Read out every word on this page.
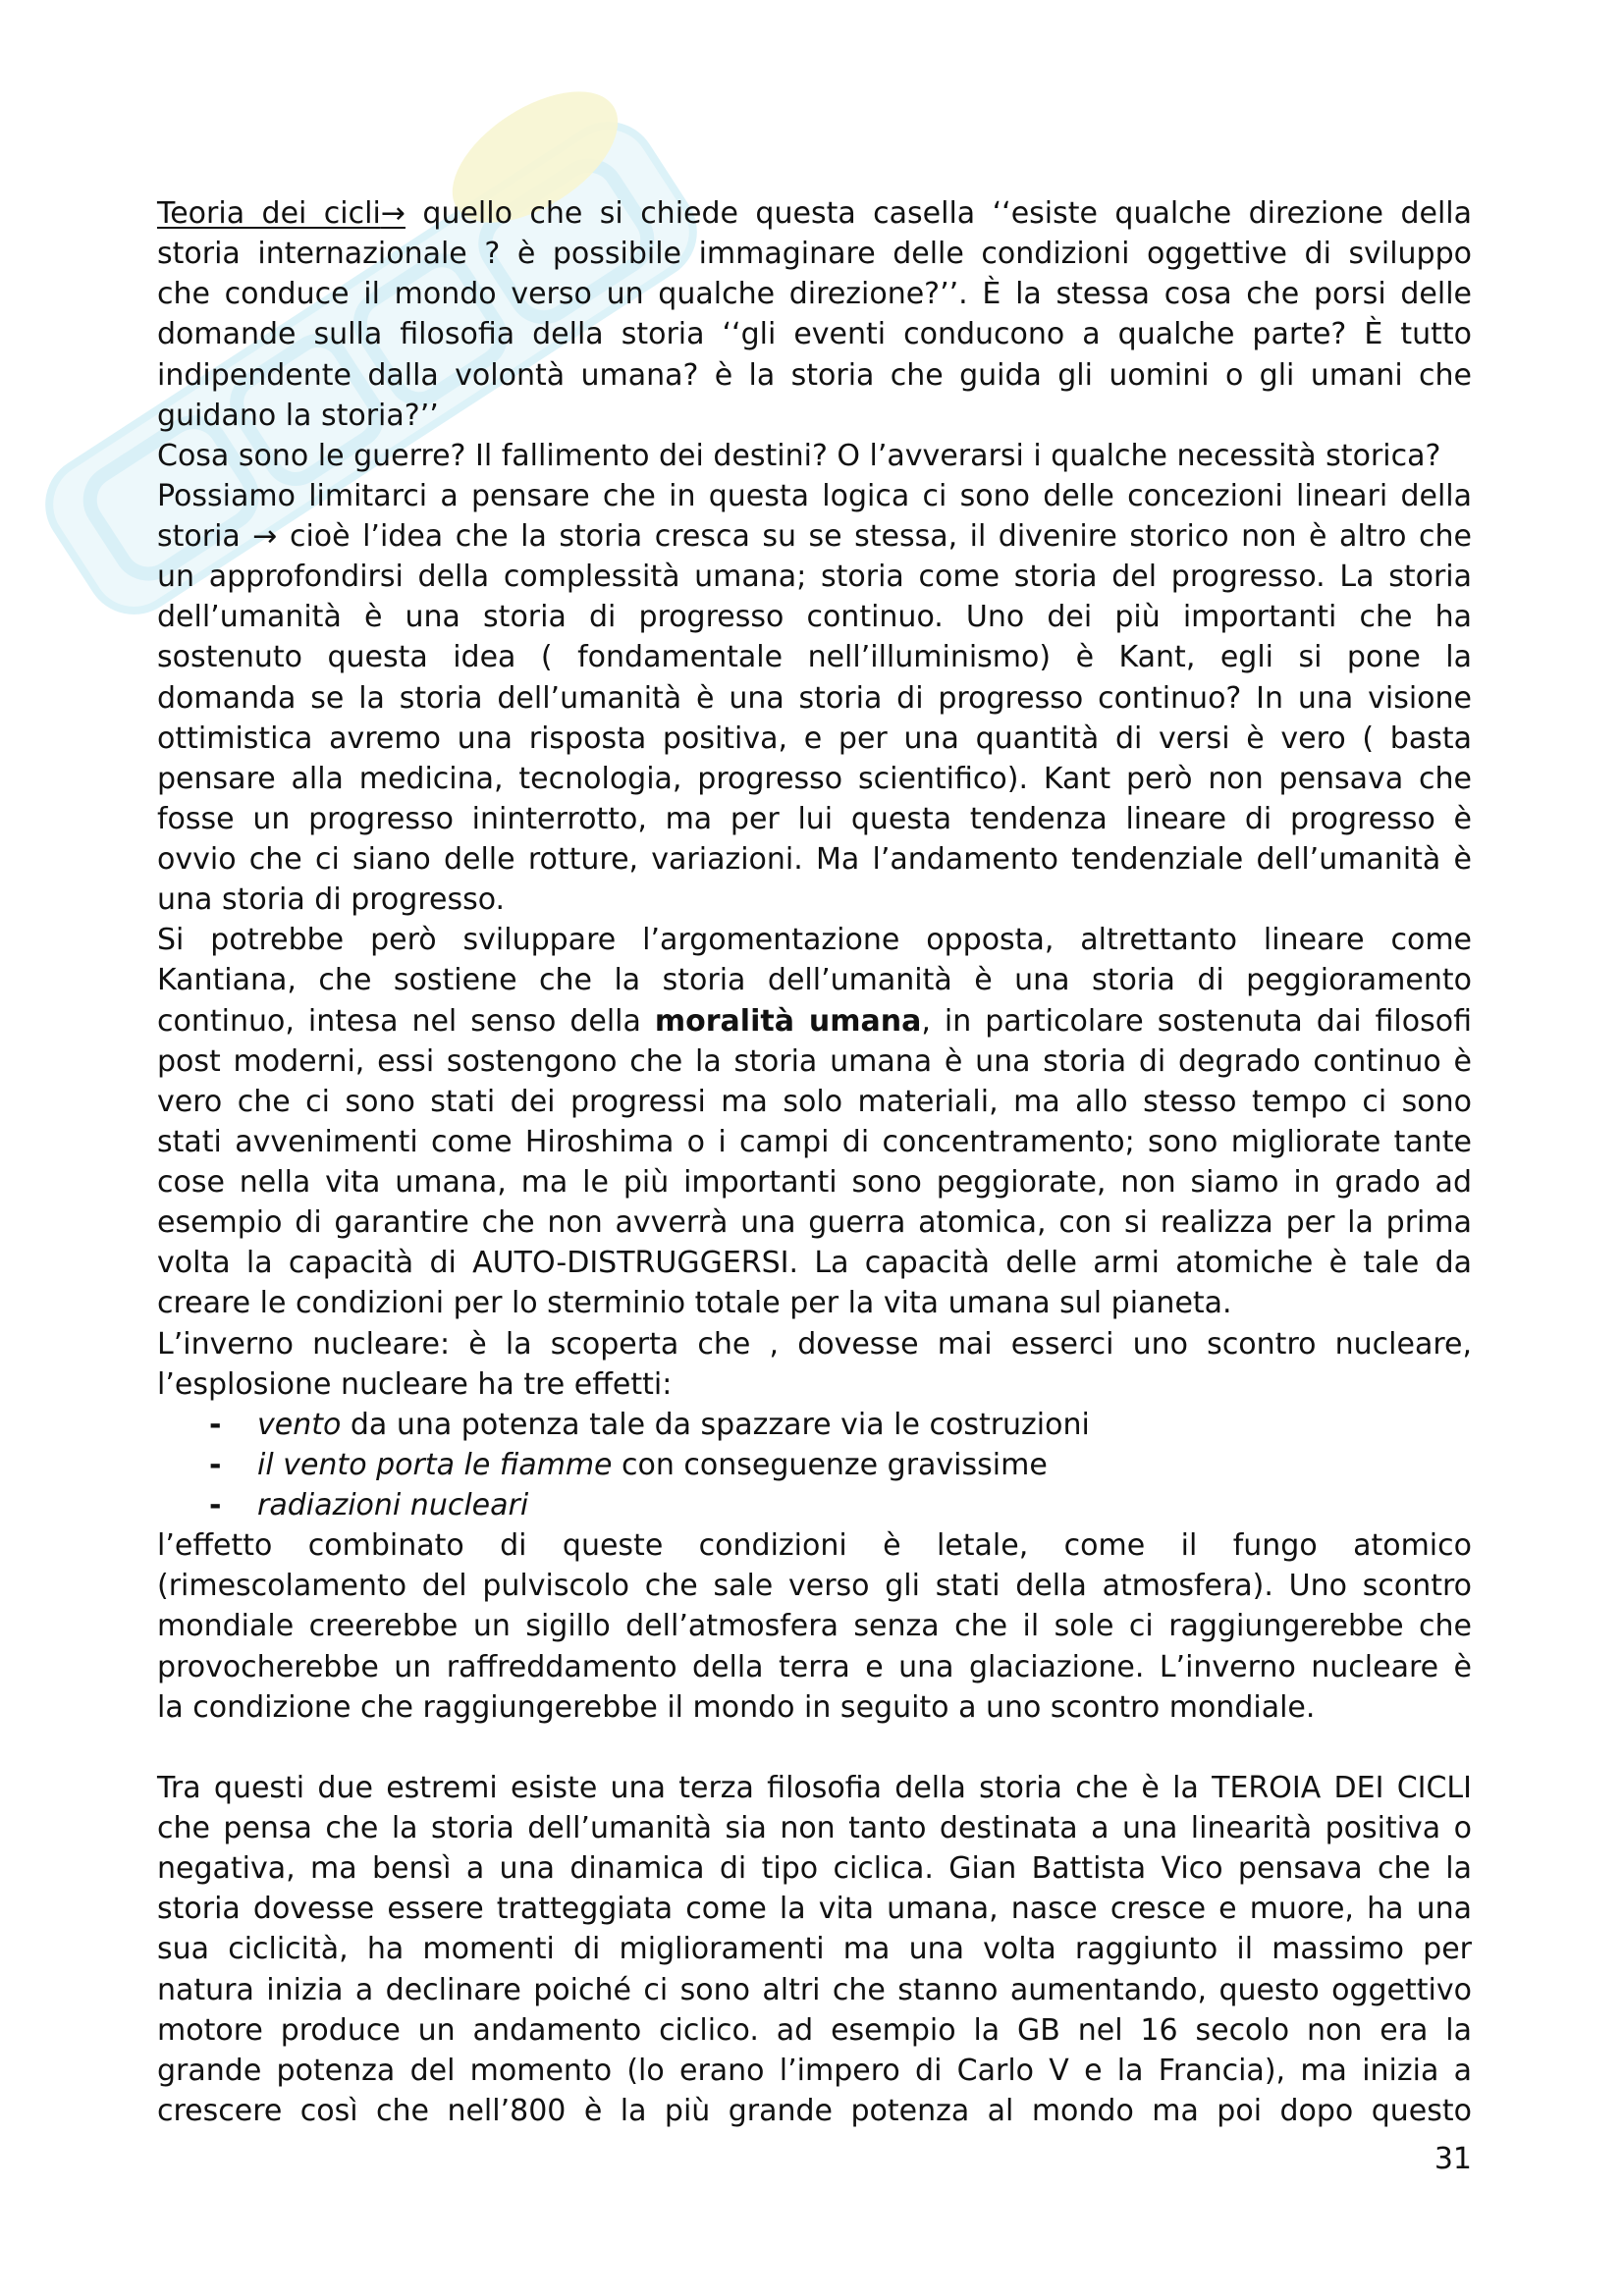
Teoria dei cicli→ quello che si chiede questa casella ‘‘esiste qualche direzione della
storia internazionale ? è possibile immaginare delle condizioni oggettive di sviluppo
che conduce il mondo verso un qualche direzione?’’. È la stessa cosa che porsi delle
domande sulla filosofia della storia ‘‘gli eventi conducono a qualche parte? È tutto
indipendente dalla volontà umana? è la storia che guida gli uomini o gli umani che
guidano la storia?’’
Cosa sono le guerre? Il fallimento dei destini? O l’avverarsi i qualche necessità storica?
Possiamo limitarci a pensare che in questa logica ci sono delle concezioni lineari della
storia → cioè l’idea che la storia cresca su se stessa, il divenire storico non è altro che
un approfondirsi della complessità umana; storia come storia del progresso. La storia
dell’umanità è una storia di progresso continuo. Uno dei più importanti che ha
sostenuto questa idea ( fondamentale nell’illuminismo) è Kant, egli si pone la
domanda se la storia dell’umanità è una storia di progresso continuo? In una visione
ottimistica avremo una risposta positiva, e per una quantità di versi è vero ( basta
pensare alla medicina, tecnologia, progresso scientifico). Kant però non pensava che
fosse un progresso ininterrotto, ma per lui questa tendenza lineare di progresso è
ovvio che ci siano delle rotture, variazioni. Ma l’andamento tendenziale dell’umanità è
una storia di progresso.
Si potrebbe però sviluppare l’argomentazione opposta, altrettanto lineare come
Kantiana, che sostiene che la storia dell’umanità è una storia di peggioramento
continuo, intesa nel senso della moralità umana, in particolare sostenuta dai filosofi
post moderni, essi sostengono che la storia umana è una storia di degrado continuo è
vero che ci sono stati dei progressi ma solo materiali, ma allo stesso tempo ci sono
stati avvenimenti come Hiroshima o i campi di concentramento; sono migliorate tante
cose nella vita umana, ma le più importanti sono peggiorate, non siamo in grado ad
esempio di garantire che non avverrà una guerra atomica, con si realizza per la prima
volta la capacità di AUTO-DISTRUGGERSI. La capacità delle armi atomiche è tale da
creare le condizioni per lo sterminio totale per la vita umana sul pianeta.
L’inverno nucleare: è la scoperta che , dovesse mai esserci uno scontro nucleare,
l’esplosione nucleare ha tre effetti:
- vento da una potenza tale da spazzare via le costruzioni
- il vento porta le fiamme con conseguenze gravissime
- radiazioni nucleari
l’effetto combinato di queste condizioni è letale, come il fungo atomico
(rimescolamento del pulviscolo che sale verso gli stati della atmosfera). Uno scontro
mondiale creerebbe un sigillo dell’atmosfera senza che il sole ci raggiungerebbe che
provocherebbe un raffreddamento della terra e una glaciazione. L’inverno nucleare è
la condizione che raggiungerebbe il mondo in seguito a uno scontro mondiale.
Tra questi due estremi esiste una terza filosofia della storia che è la TEROIA DEI CICLI
che pensa che la storia dell’umanità sia non tanto destinata a una linearità positiva o
negativa, ma bensì a una dinamica di tipo ciclica. Gian Battista Vico pensava che la
storia dovesse essere tratteggiata come la vita umana, nasce cresce e muore, ha una
sua ciclicità, ha momenti di miglioramenti ma una volta raggiunto il massimo per
natura inizia a declinare poiché ci sono altri che stanno aumentando, questo oggettivo
motore produce un andamento ciclico. ad esempio la GB nel 16 secolo non era la
grande potenza del momento (lo erano l’impero di Carlo V e la Francia), ma inizia a
crescere così che nell’800 è la più grande potenza al mondo ma poi dopo questo
31
